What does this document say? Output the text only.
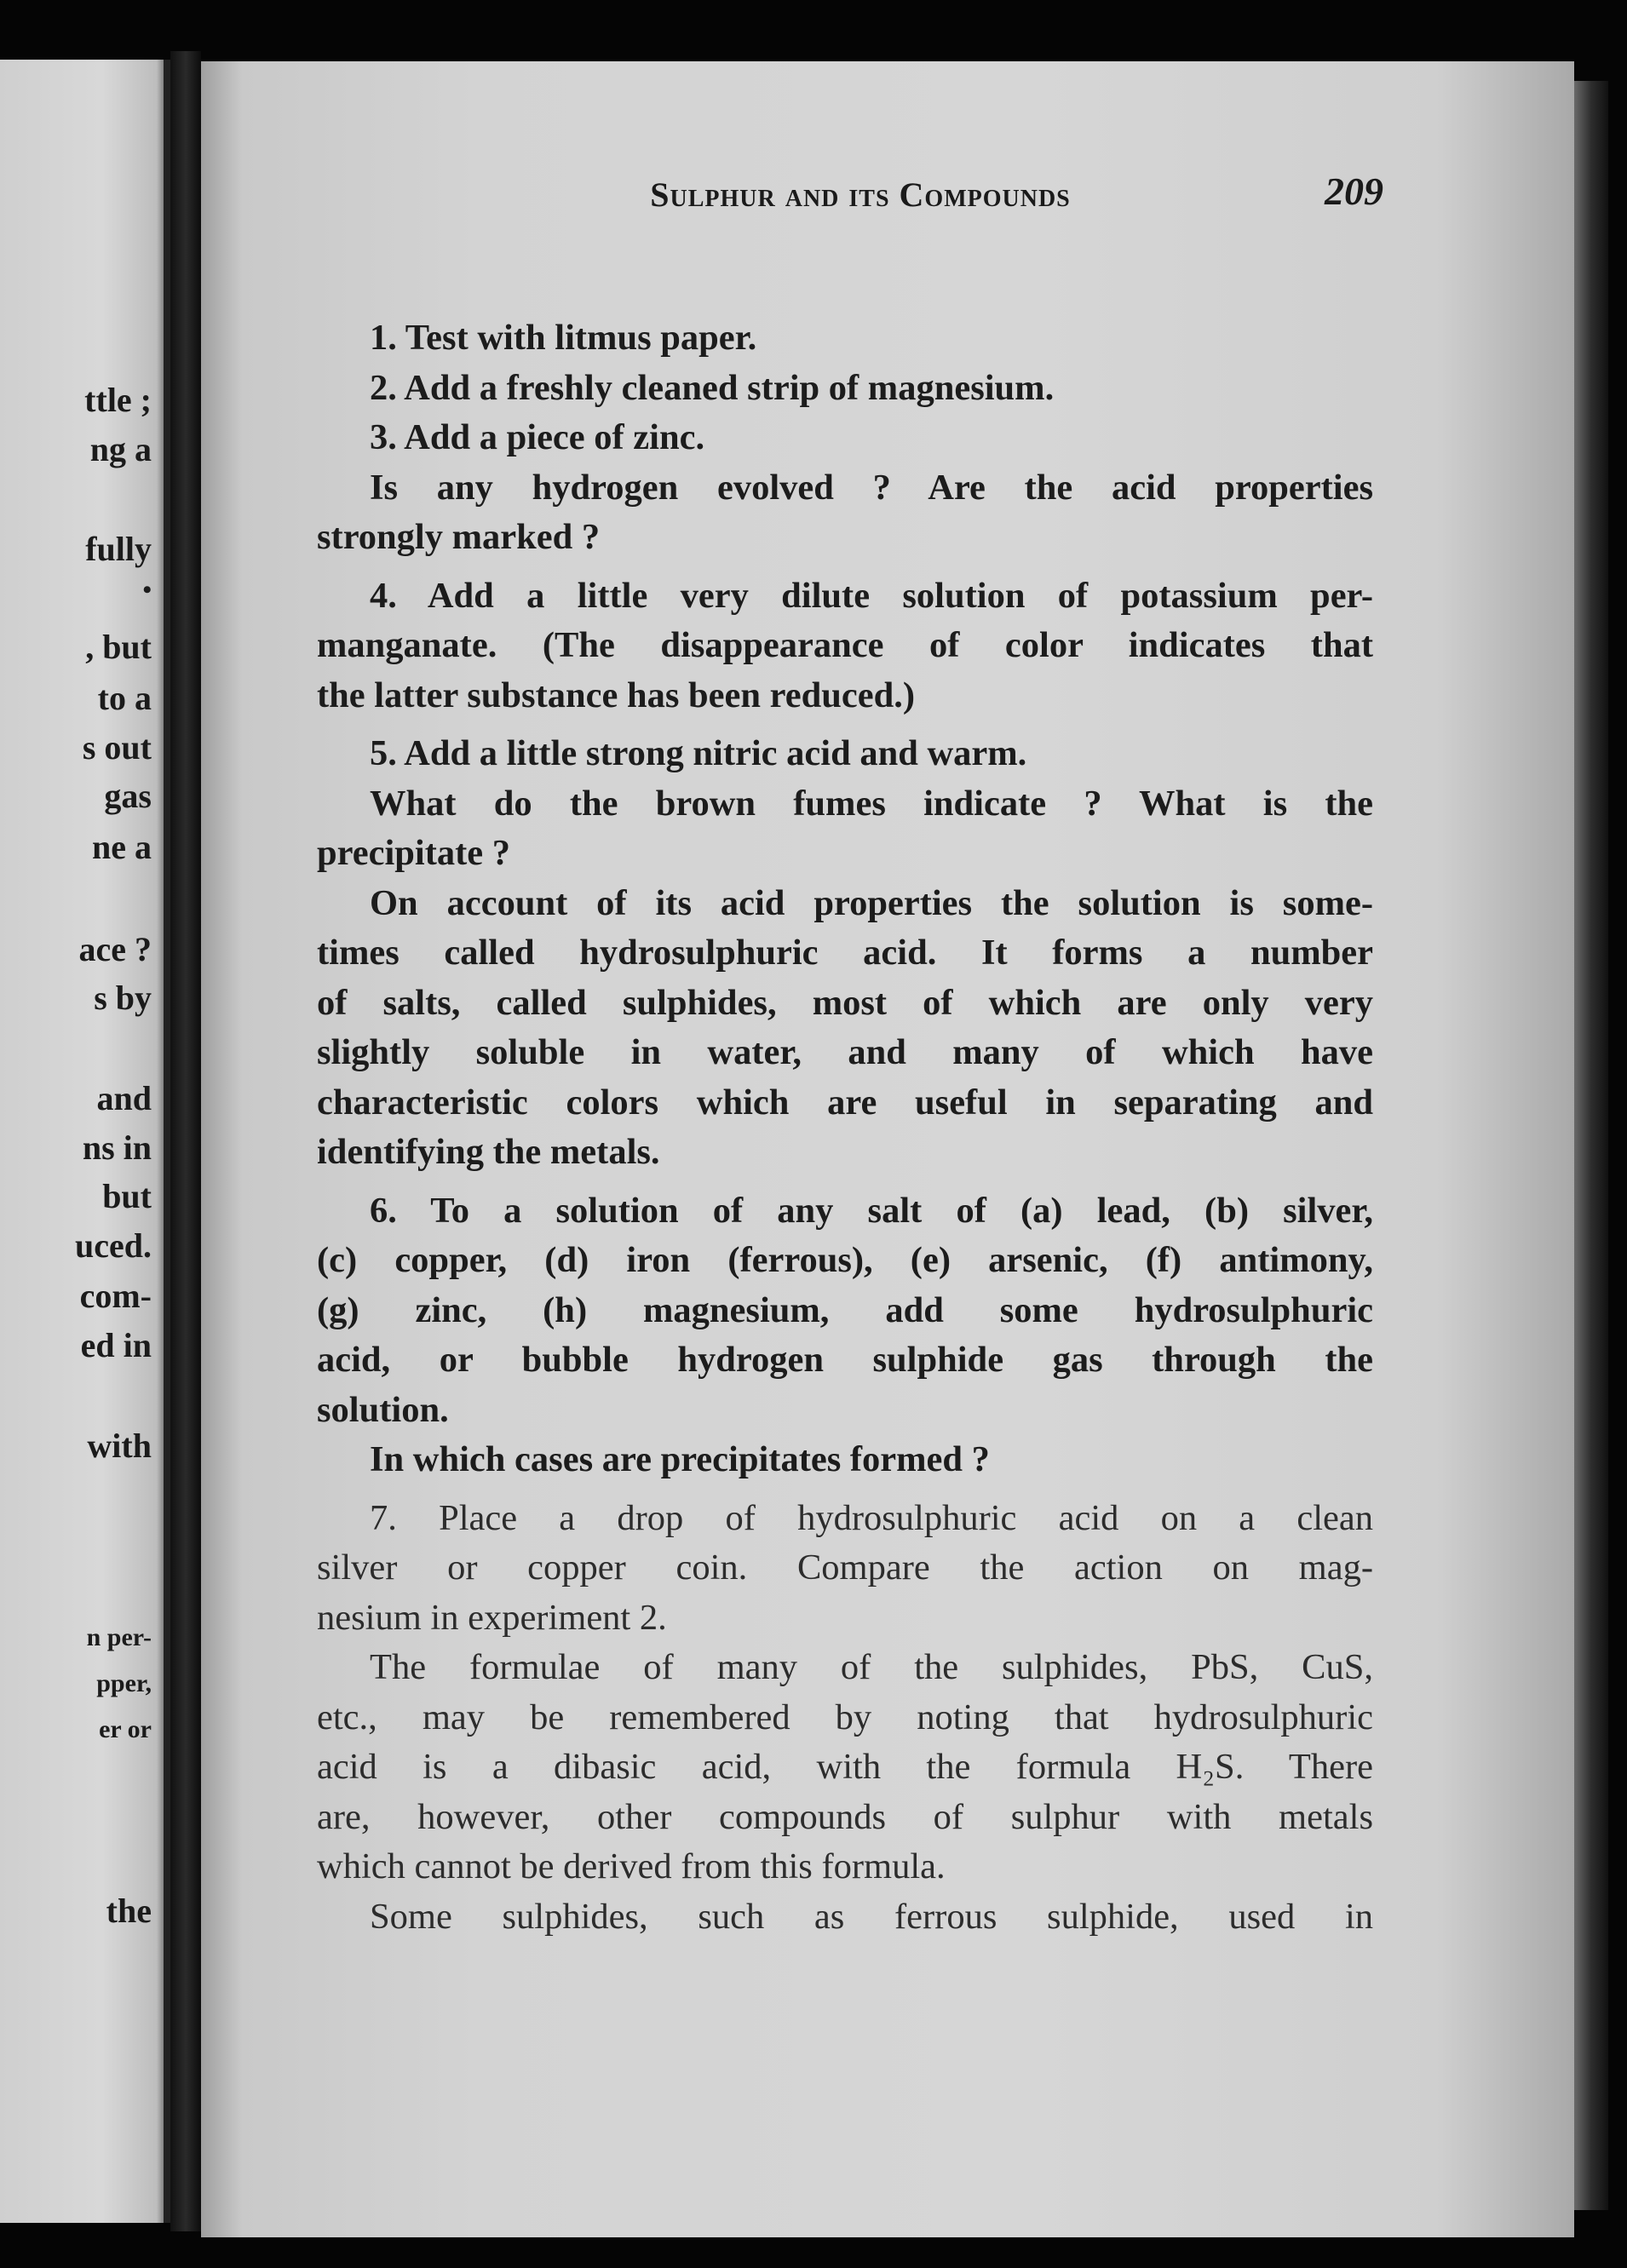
ttle ;
ng a
fully
•
, but
to a
s out
gas
ne a
ace ?
s by
and
ns in
but
uced.
com-
ed in
with
n per-
pper,
er or
the
Sulphur and its Compounds	209
1. Test with litmus paper.
2. Add a freshly cleaned strip of magnesium.
3. Add a piece of zinc.
Is any hydrogen evolved ? Are the acid properties
strongly marked ?
4. Add a little very dilute solution of potassium per-
manganate. (The disappearance of color indicates that
the latter substance has been reduced.)
5. Add a little strong nitric acid and warm.
What do the brown fumes indicate ? What is the
precipitate ?
On account of its acid properties the solution is some-
times called hydrosulphuric acid. It forms a number
of salts, called sulphides, most of which are only very
slightly soluble in water, and many of which have
characteristic colors which are useful in separating and
identifying the metals.
6. To a solution of any salt of (a) lead, (b) silver,
(c) copper, (d) iron (ferrous), (e) arsenic, (f) antimony,
(g) zinc, (h) magnesium, add some hydrosulphuric
acid, or bubble hydrogen sulphide gas through the
solution.
In which cases are precipitates formed ?
7. Place a drop of hydrosulphuric acid on a clean
silver or copper coin. Compare the action on mag-
nesium in experiment 2.
The formulae of many of the sulphides, PbS, CuS,
etc., may be remembered by noting that hydrosulphuric
acid is a dibasic acid, with the formula H₂S. There
are, however, other compounds of sulphur with metals
which cannot be derived from this formula.
Some sulphides, such as ferrous sulphide, used in
